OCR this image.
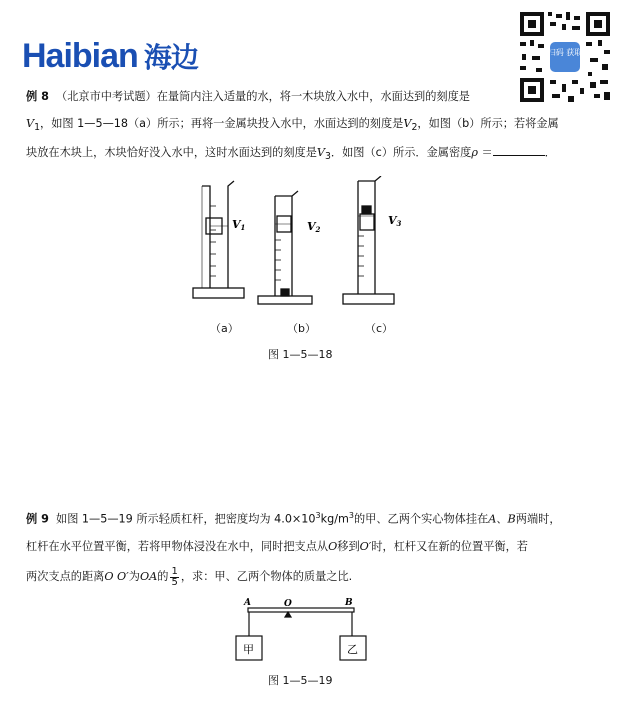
Haibian 海边	扫码 获取
例 8 （北京市中考试题）在量筒内注入适量的水，将一木块放入水中，水面达到的刻度是
$V_1$，如图 1—5—18（a）所示；再将一金属块投入水中，水面达到的刻度是$V_2$，如图（b）所示；若将金属
块放在木块上，木块恰好没入水中，这时水面达到的刻度是$V_3$．如图（c）所示．金属密度ρ ＝	．
V1	V2
V3
（a）	（b）	（c）
图 1—5—18
例 9 如图 1—5—19 所示轻质杠杆，把密度均为 $4.0\times 10^3kg/m^3$的甲、乙两个实心物体挂在A、B两端时，
杠杆在水平位置平衡，若将甲物体浸没在水中，同时把支点从O移到O′时，杠杆又在新的位置平衡，若
两次支点的距离O O′为OA的 $\frac{1}{5}$ ，求：甲、乙两个物体的质量之比.
A	O	B
甲	乙
图 1—5—19
